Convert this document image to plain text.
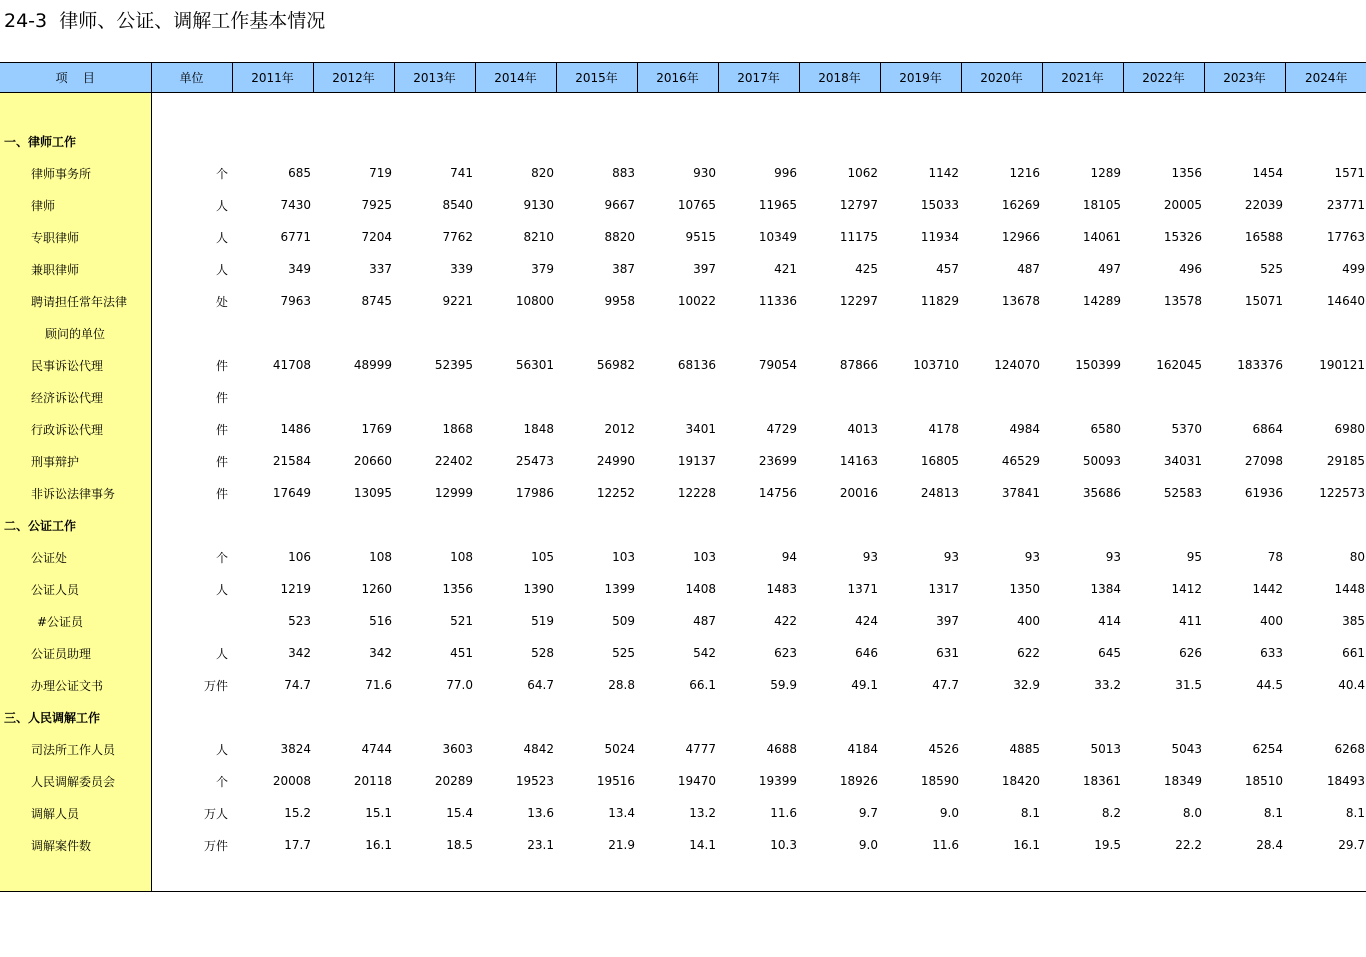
24-3  律师、公证、调解工作基本情况
项    目	单位	2011年	2012年	2013年	2014年	2015年	2016年	2017年	2018年	2019年	2020年	2021年	2022年	2023年	2024年

一、律师工作															
律师事务所	个	685	719	741	820	883	930	996	1062	1142	1216	1289	1356	1454	1571
律师	人	7430	7925	8540	9130	9667	10765	11965	12797	15033	16269	18105	20005	22039	23771
专职律师	人	6771	7204	7762	8210	8820	9515	10349	11175	11934	12966	14061	15326	16588	17763
兼职律师	人	349	337	339	379	387	397	421	425	457	487	497	496	525	499
聘请担任常年法律	处	7963	8745	9221	10800	9958	10022	11336	12297	11829	13678	14289	13578	15071	14640
顾问的单位															
民事诉讼代理	件	41708	48999	52395	56301	56982	68136	79054	87866	103710	124070	150399	162045	183376	190121
经济诉讼代理	件														
行政诉讼代理	件	1486	1769	1868	1848	2012	3401	4729	4013	4178	4984	6580	5370	6864	6980
刑事辩护	件	21584	20660	22402	25473	24990	19137	23699	14163	16805	46529	50093	34031	27098	29185
非诉讼法律事务	件	17649	13095	12999	17986	12252	12228	14756	20016	24813	37841	35686	52583	61936	122573
二、公证工作															
公证处	个	106	108	108	105	103	103	94	93	93	93	93	95	78	80
公证人员	人	1219	1260	1356	1390	1399	1408	1483	1371	1317	1350	1384	1412	1442	1448
#公证员		523	516	521	519	509	487	422	424	397	400	414	411	400	385
公证员助理	人	342	342	451	528	525	542	623	646	631	622	645	626	633	661
办理公证文书	万件	74.7	71.6	77.0	64.7	28.8	66.1	59.9	49.1	47.7	32.9	33.2	31.5	44.5	40.4
三、人民调解工作															
司法所工作人员	人	3824	4744	3603	4842	5024	4777	4688	4184	4526	4885	5013	5043	6254	6268
人民调解委员会	个	20008	20118	20289	19523	19516	19470	19399	18926	18590	18420	18361	18349	18510	18493
调解人员	万人	15.2	15.1	15.4	13.6	13.4	13.2	11.6	9.7	9.0	8.1	8.2	8.0	8.1	8.1
调解案件数	万件	17.7	16.1	18.5	23.1	21.9	14.1	10.3	9.0	11.6	16.1	19.5	22.2	28.4	29.7
